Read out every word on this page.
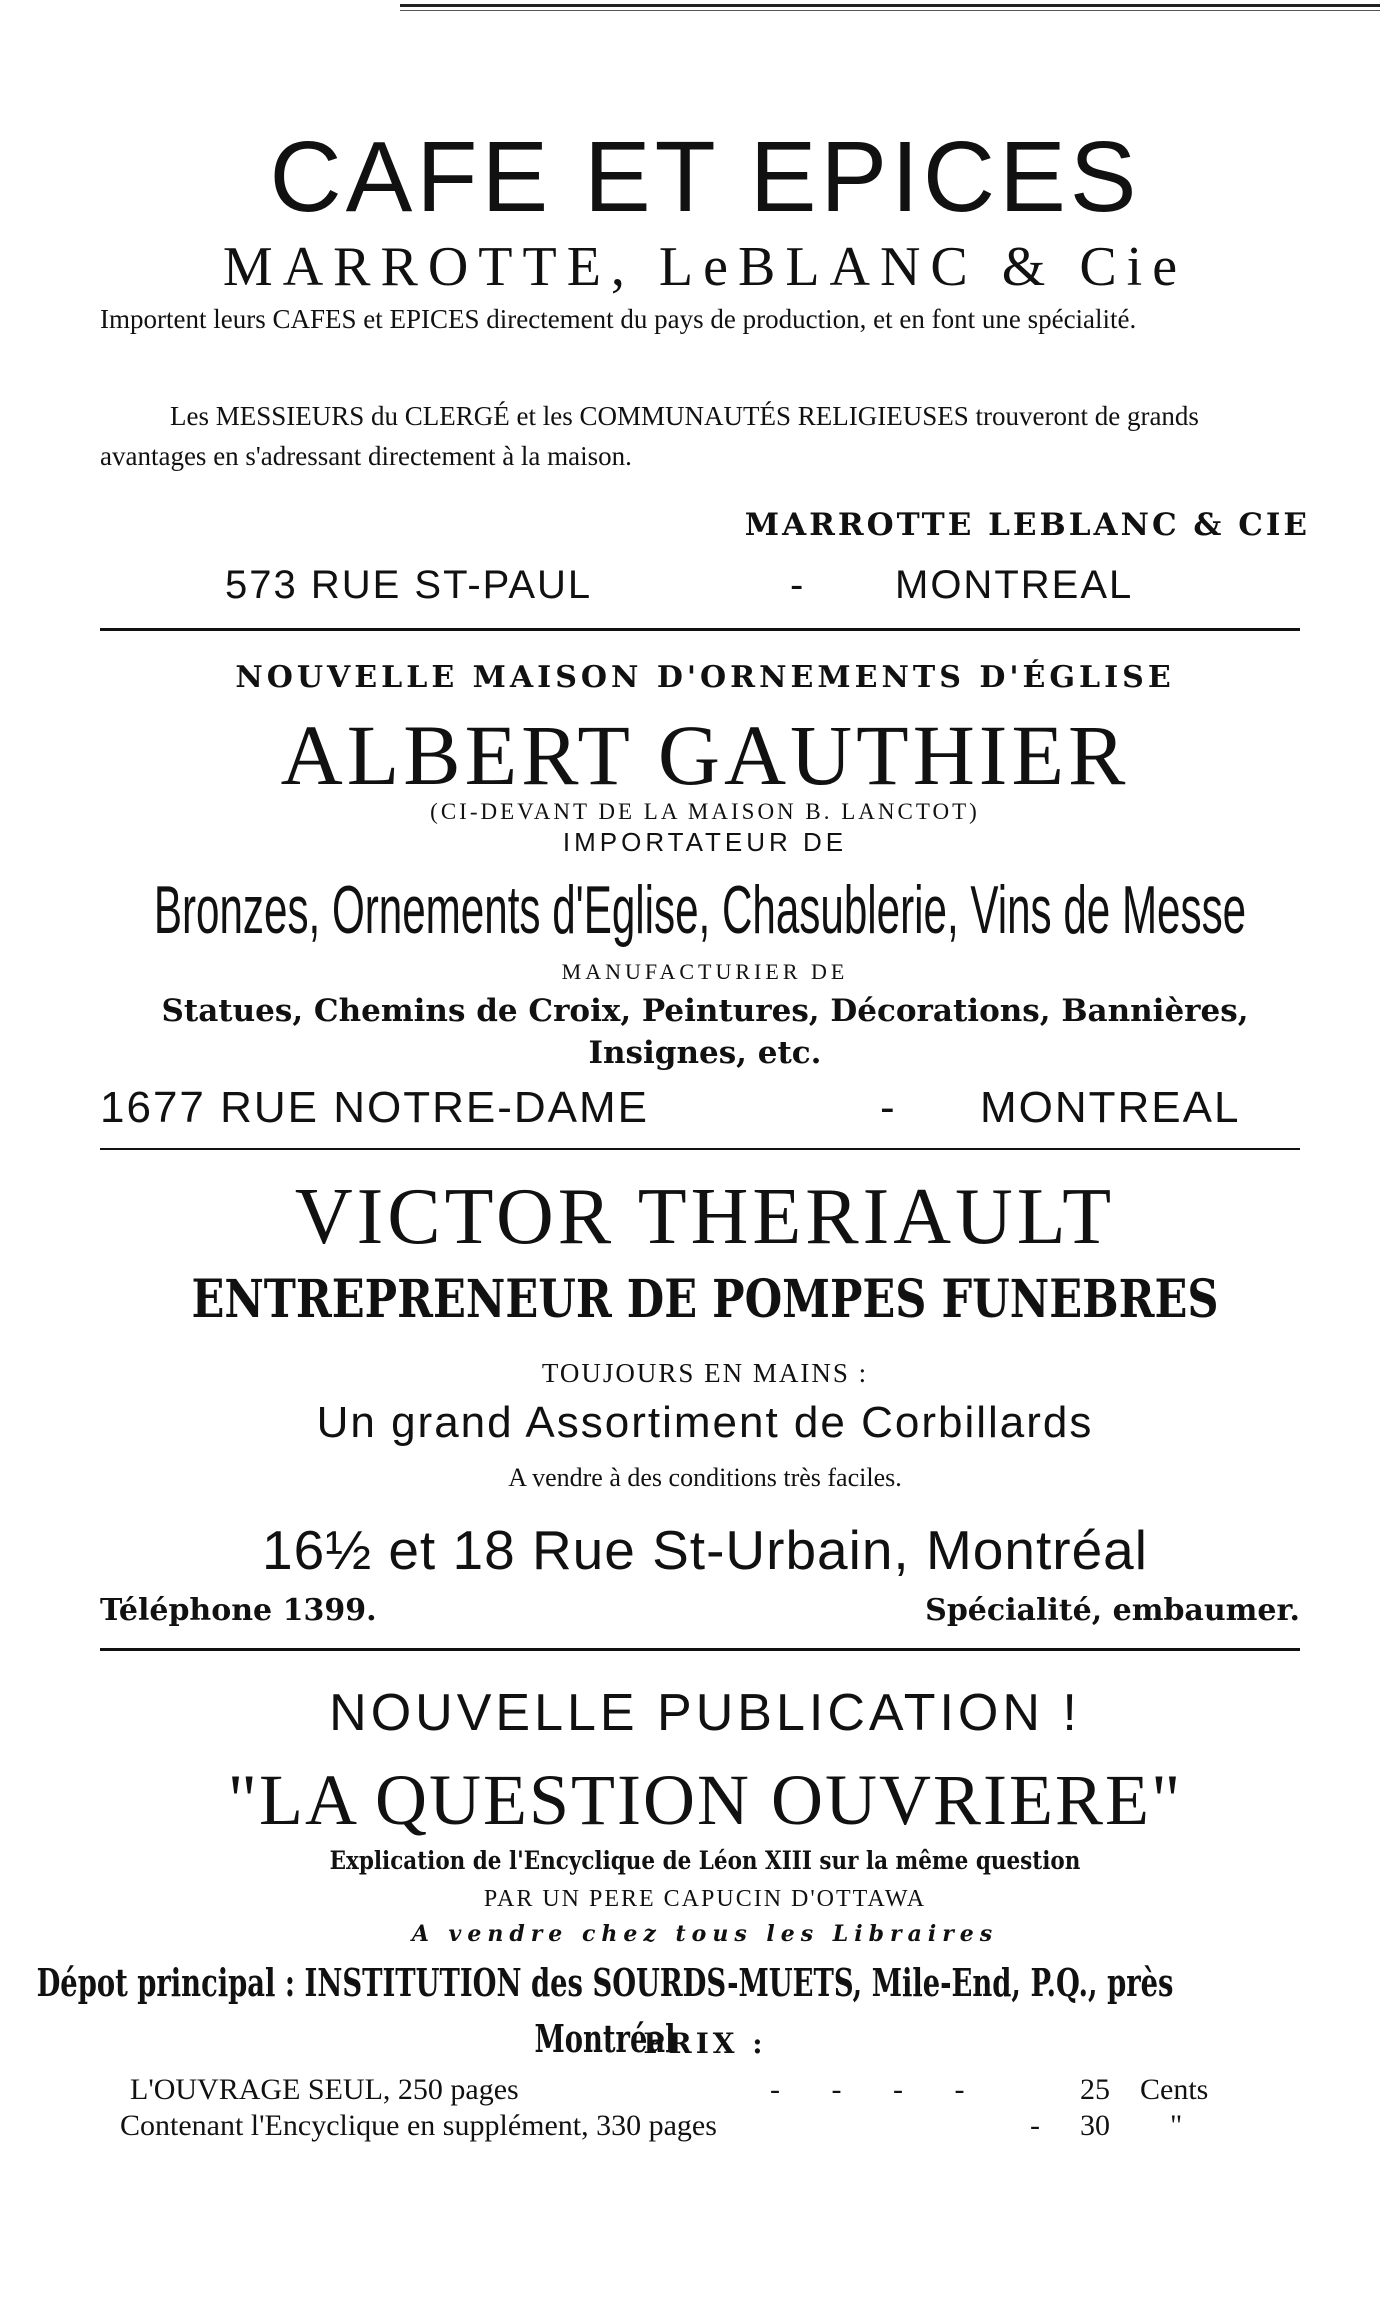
CAFE ET EPICES
MARROTTE, LeBLANC & Cie
Importent leurs CAFES et EPICES directement du pays de production, et en font une spécialité.
Les MESSIEURS du CLERGÉ et les COMMUNAUTÉS RELIGIEUSES trouveront de grands avantages en s'adressant directement à la maison.
MARROTTE LEBLANC & CIE
573 RUE ST-PAUL	- MONTREAL
NOUVELLE MAISON D'ORNEMENTS D'ÉGLISE
ALBERT GAUTHIER
(CI-DEVANT DE LA MAISON B. LANCTOT)
IMPORTATEUR DE
Bronzes, Ornements d'Eglise, Chasublerie, Vins de Messe
MANUFACTURIER DE
Statues, Chemins de Croix, Peintures, Décorations, Bannières, Insignes, etc.
1677 RUE NOTRE-DAME	- MONTREAL
VICTOR THERIAULT
ENTREPRENEUR DE POMPES FUNEBRES
TOUJOURS EN MAINS :
Un grand Assortiment de Corbillards
A vendre à des conditions très faciles.
16½ et 18 Rue St-Urbain, Montréal
Téléphone 1399.	Spécialité, embaumer.
NOUVELLE PUBLICATION !
"LA QUESTION OUVRIERE"
Explication de l'Encyclique de Léon XIII sur la même question
PAR UN PERE CAPUCIN D'OTTAWA
A vendre chez tous les Libraires
Dépot principal : INSTITUTION des SOURDS-MUETS, Mile-End, P.Q., près Montréal
PRIX :
L'OUVRAGE SEUL, 250 pages	- - - -	25 Cents
Contenant l'Encyclique en supplément, 330 pages	- 30 "
